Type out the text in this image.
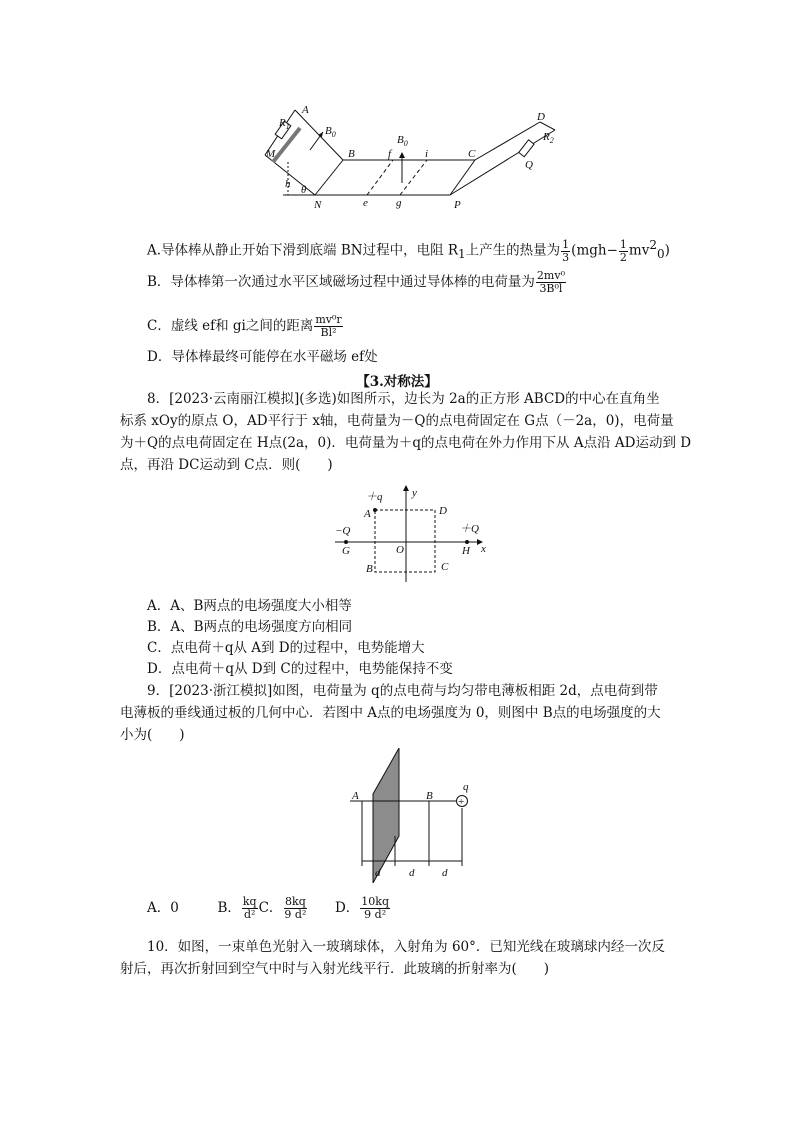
A
$R_1$	$B_0$
M	B
$B_0$
f	i	C
D
$R_2$
Q
h θ
N	e	g	P
A.导体棒从静止开始下滑到底端 BN过程中，电阻 $R_1$上产生的热量为 $\frac{1}{3} (mgh- \frac{1}{2} mv^2_0)$
B．导体棒第一次通过水平区域磁场过程中通过导体棒的电荷量为 $\frac{\text{2mv⁰}}{\text{3B⁰l}}$
C．虚线 ef和 gi之间的距离 $\frac{\text{mv⁰r}}{\text{Bl²}}$
D．导体棒最终可能停在水平磁场 ef处
【3.对称法】
8．[2023·云南丽江模拟](多选)如图所示，边长为 2a的正方形 ABCD的中心在直角坐
标系 xOy的原点 O，AD平行于 x轴，电荷量为－Q的点电荷固定在 G点（－2a，0)，电荷量
为＋Q的点电荷固定在 H点(2a，0)．电荷量为＋q的点电荷在外力作用下从 A点沿 AD运动到 D
点，再沿 DC运动到 C点．则(　　)
＋q	y
A	D
−Q	＋Q
G	O	H x
B	C
A．A、B两点的电场强度大小相等
B．A、B两点的电场强度方向相同
C．点电荷＋q从 A到 D的过程中，电势能增大
D．点电荷＋q从 D到 C的过程中，电势能保持不变
9．[2023·浙江模拟]如图，电荷量为 q的点电荷与均匀带电薄板相距 2d，点电荷到带
电薄板的垂线通过板的几何中心．若图中 A点的电场强度为 0，则图中 B点的电场强度的大
小为(　　)
A	B
q
+
d	d	d
A．0	B． $\frac{kq}{\text{d²}}$ C． $\frac{8kq}{\text{9 d²}}$ D． $\frac{10kq}{\text{9 d²}}$
10．如图，一束单色光射入一玻璃球体，入射角为 60°．已知光线在玻璃球内经一次反
射后，再次折射回到空气中时与入射光线平行．此玻璃的折射率为(　　)
